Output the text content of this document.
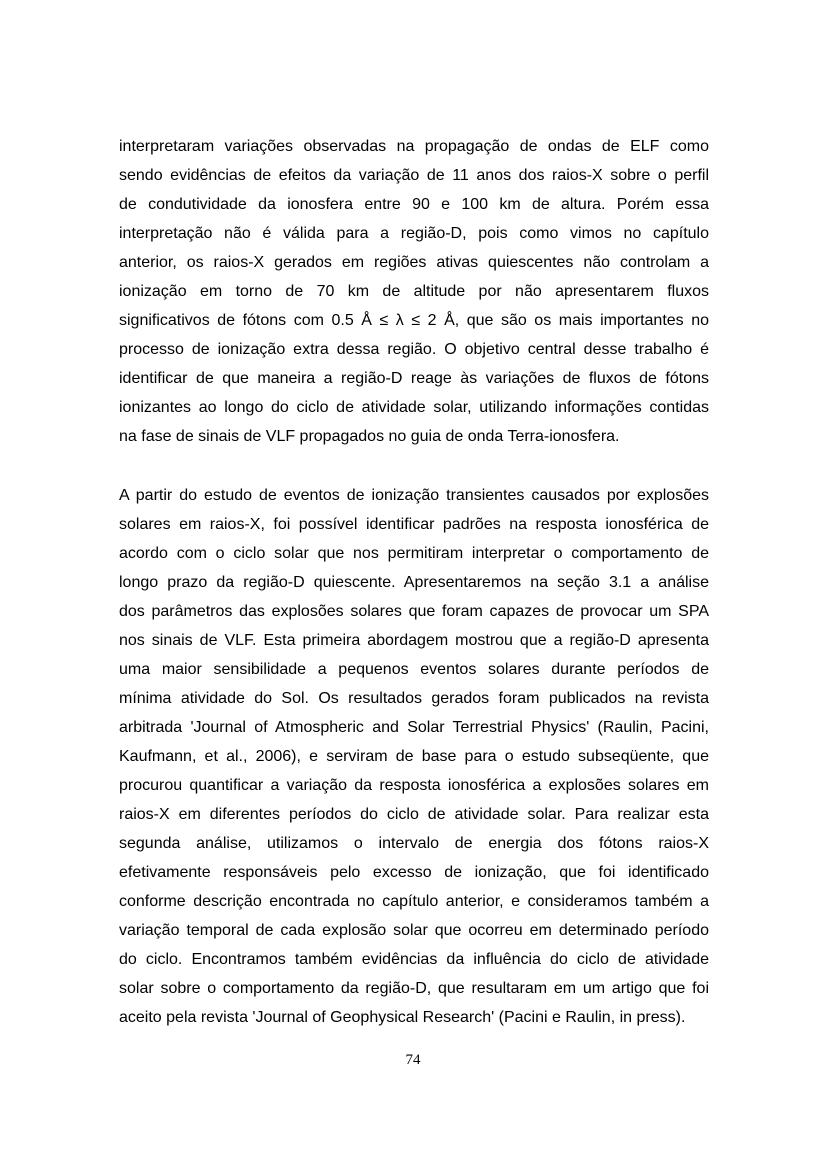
interpretaram variações observadas na propagação de ondas de ELF como
sendo evidências de efeitos da variação de 11 anos dos raios-X sobre o perfil
de condutividade da ionosfera entre 90 e 100 km de altura. Porém essa
interpretação não é válida para a região-D, pois como vimos no capítulo
anterior, os raios-X gerados em regiões ativas quiescentes não controlam a
ionização em torno de 70 km de altitude por não apresentarem fluxos
significativos de fótons com 0.5 Å ≤ λ ≤ 2 Å, que são os mais importantes no
processo de ionização extra dessa região. O objetivo central desse trabalho é
identificar de que maneira a região-D reage às variações de fluxos de fótons
ionizantes ao longo do ciclo de atividade solar, utilizando informações contidas
na fase de sinais de VLF propagados no guia de onda Terra-ionosfera.
A partir do estudo de eventos de ionização transientes causados por explosões
solares em raios-X, foi possível identificar padrões na resposta ionosférica de
acordo com o ciclo solar que nos permitiram interpretar o comportamento de
longo prazo da região-D quiescente. Apresentaremos na seção 3.1 a análise
dos parâmetros das explosões solares que foram capazes de provocar um SPA
nos sinais de VLF. Esta primeira abordagem mostrou que a região-D apresenta
uma maior sensibilidade a pequenos eventos solares durante períodos de
mínima atividade do Sol. Os resultados gerados foram publicados na revista
arbitrada 'Journal of Atmospheric and Solar Terrestrial Physics' (Raulin, Pacini,
Kaufmann, et al., 2006), e serviram de base para o estudo subseqüente, que
procurou quantificar a variação da resposta ionosférica a explosões solares em
raios-X em diferentes períodos do ciclo de atividade solar. Para realizar esta
segunda análise, utilizamos o intervalo de energia dos fótons raios-X
efetivamente responsáveis pelo excesso de ionização, que foi identificado
conforme descrição encontrada no capítulo anterior, e consideramos também a
variação temporal de cada explosão solar que ocorreu em determinado período
do ciclo. Encontramos também evidências da influência do ciclo de atividade
solar sobre o comportamento da região-D, que resultaram em um artigo que foi
aceito pela revista 'Journal of Geophysical Research' (Pacini e Raulin, in press).
74
